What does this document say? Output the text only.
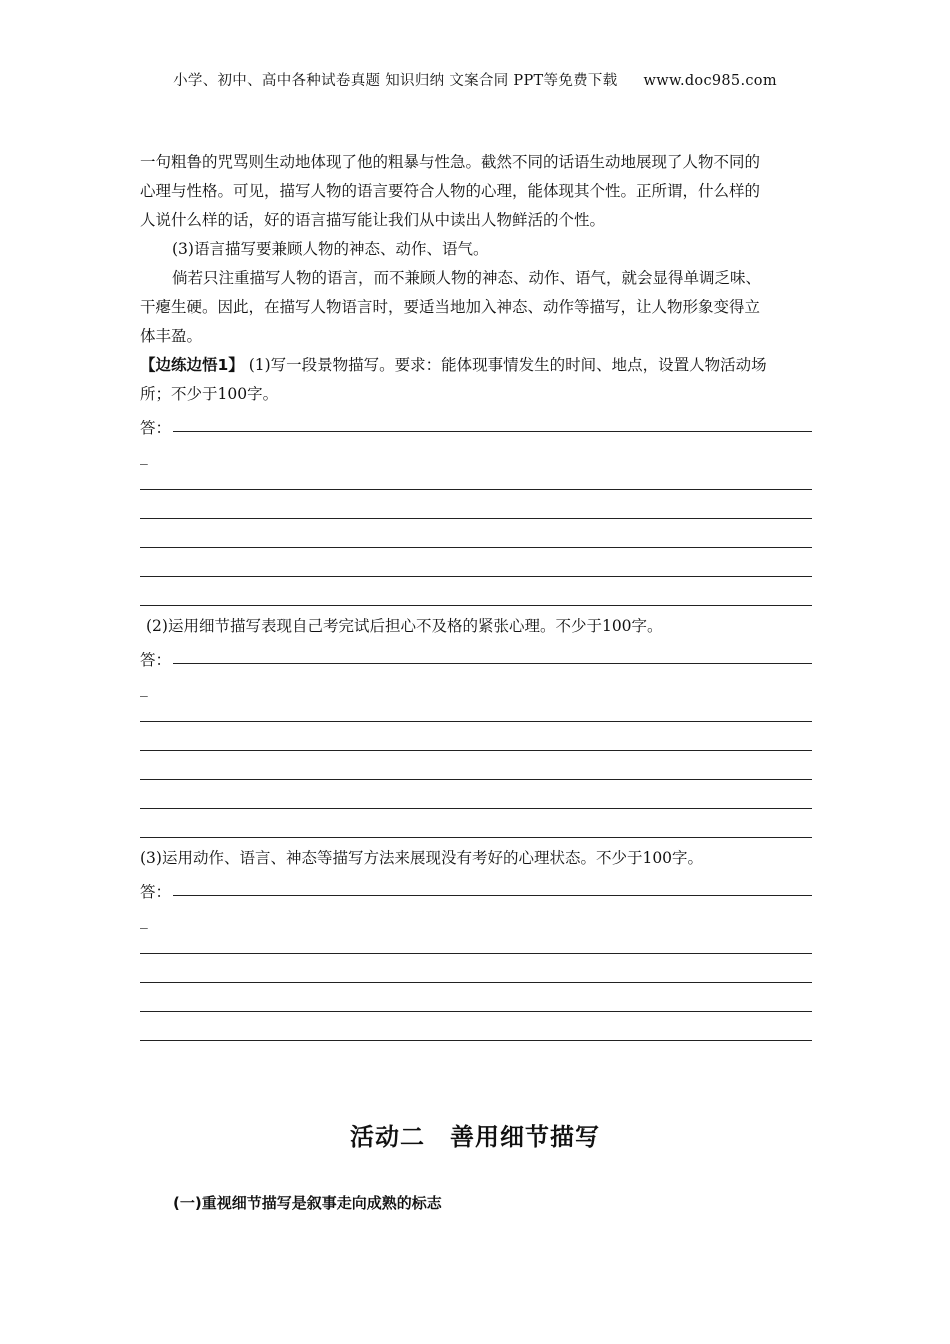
小学、初中、高中各种试卷真题 知识归纳 文案合同 PPT等免费下载 www.doc985.com

一句粗鲁的咒骂则生动地体现了他的粗暴与性急。截然不同的话语生动地展现了人物不同的

心理与性格。可见，描写人物的语言要符合人物的心理，能体现其个性。正所谓，什么样的

人说什么样的话，好的语言描写能让我们从中读出人物鲜活的个性。

(3)语言描写要兼顾人物的神态、动作、语气。

倘若只注重描写人物的语言，而不兼顾人物的神态、动作、语气，就会显得单调乏味、

干瘪生硬。因此，在描写人物语言时，要适当地加入神态、动作等描写，让人物形象变得立

体丰盈。

【边练边悟1】 (1)写一段景物描写。要求：能体现事情发生的时间、地点，设置人物活动场

所；不少于100字。

答：
_

(2)运用细节描写表现自己考完试后担心不及格的紧张心理。不少于100字。

答：
_

(3)运用动作、语言、神态等描写方法来展现没有考好的心理状态。不少于100字。

答：
_
活动二　善用细节描写
(一)重视细节描写是叙事走向成熟的标志
